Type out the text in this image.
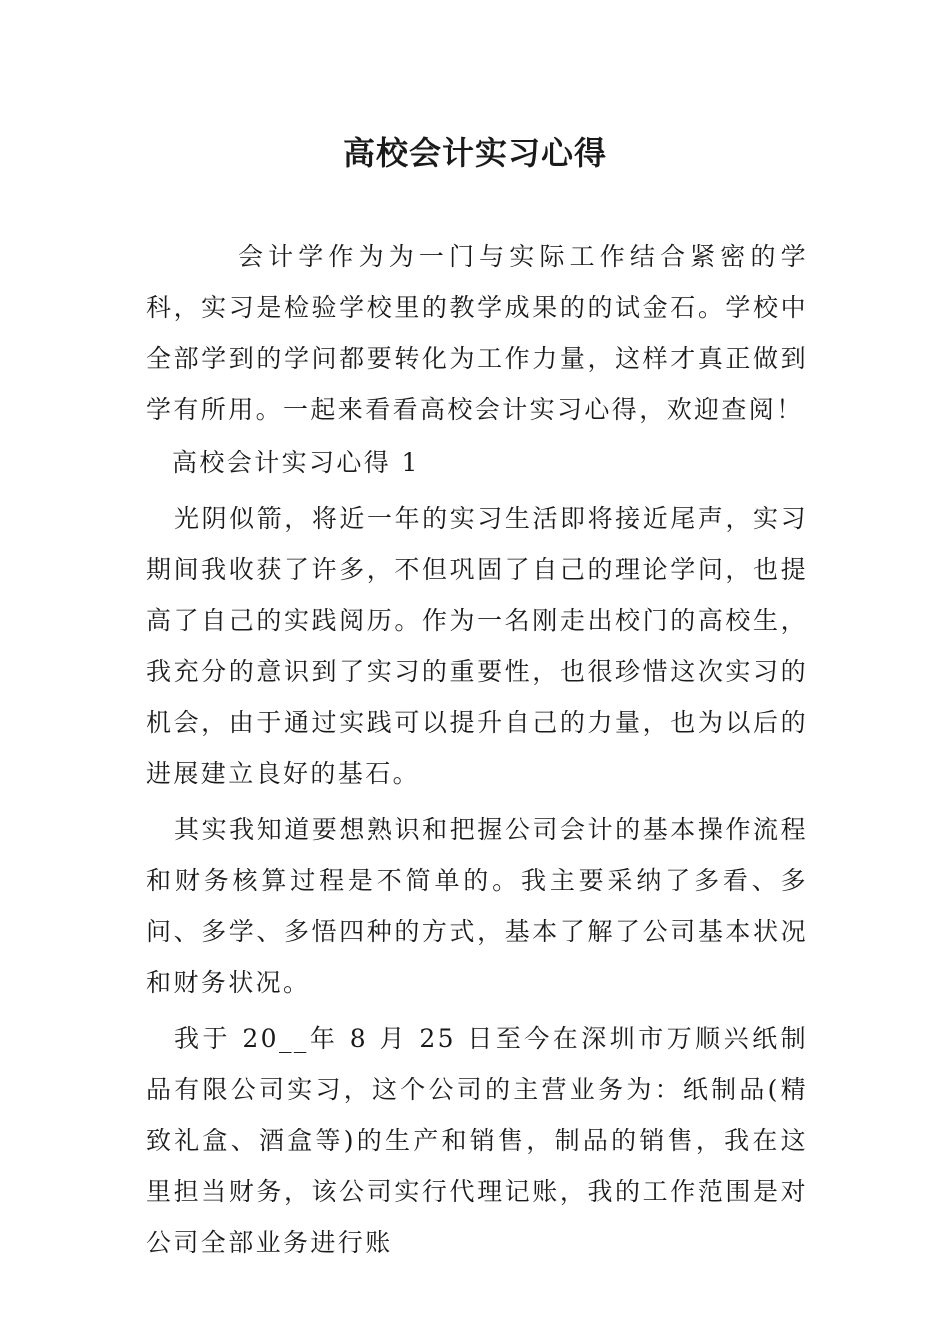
高校会计实习心得

会计学作为为一门与实际工作结合紧密的学科，实习是检验学校里的教学成果的的试金石。学校中全部学到的学问都要转化为工作力量，这样才真正做到学有所用。一起来看看高校会计实习心得，欢迎查阅！

高校会计实习心得 1

光阴似箭，将近一年的实习生活即将接近尾声，实习期间我收获了许多，不但巩固了自己的理论学问，也提高了自己的实践阅历。作为一名刚走出校门的高校生，我充分的意识到了实习的重要性，也很珍惜这次实习的机会，由于通过实践可以提升自己的力量，也为以后的进展建立良好的基石。

其实我知道要想熟识和把握公司会计的基本操作流程和财务核算过程是不简单的。我主要采纳了多看、多问、多学、多悟四种的方式，基本了解了公司基本状况和财务状况。

我于 20__年 8 月 25 日至今在深圳市万顺兴纸制品有限公司实习，这个公司的主营业务为：纸制品(精致礼盒、酒盒等)的生产和销售，制品的销售，我在这里担当财务，该公司实行代理记账，我的工作范围是对公司全部业务进行账
